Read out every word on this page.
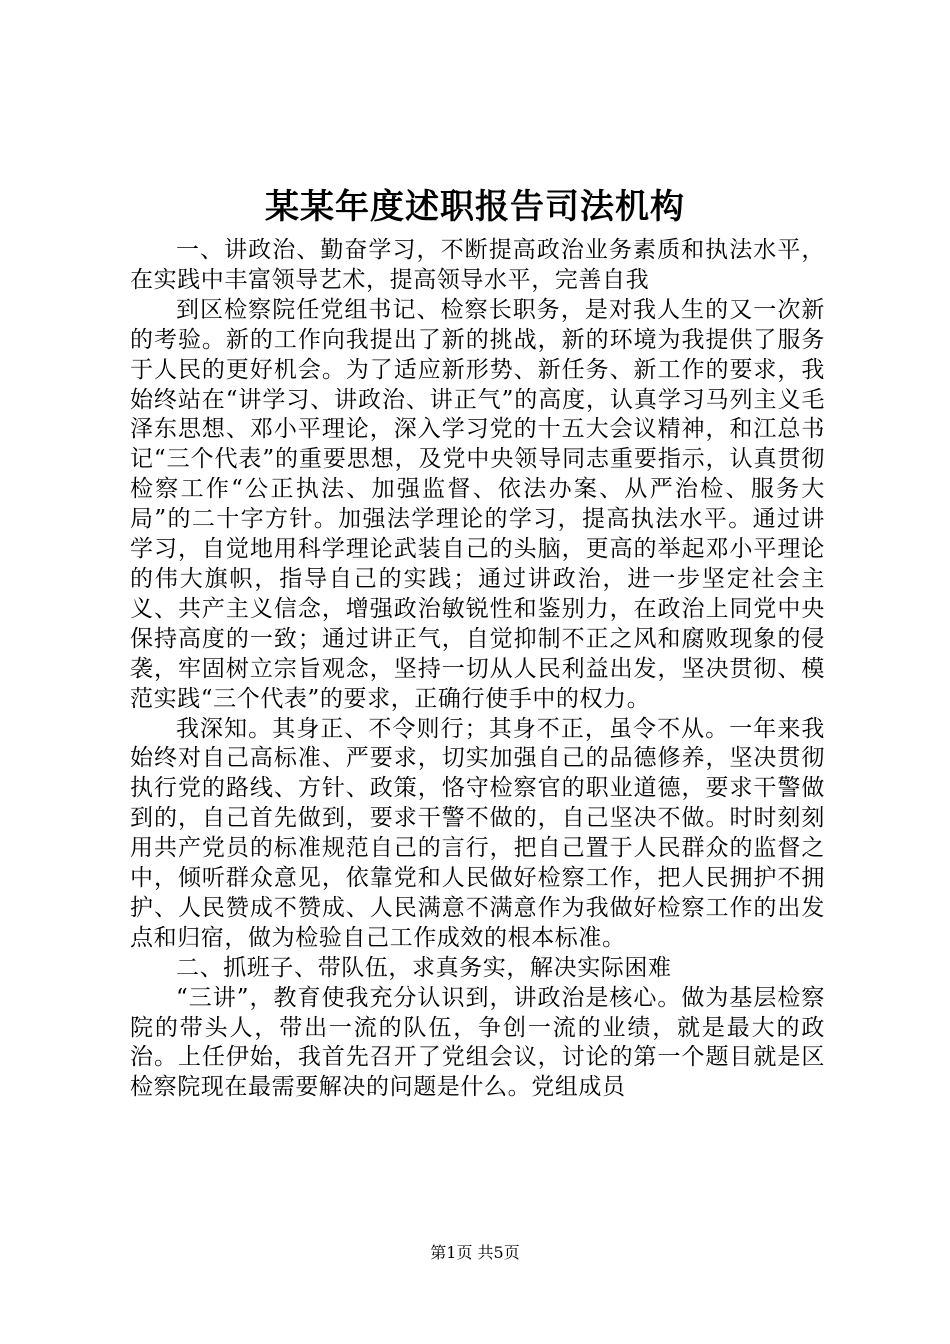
某某年度述职报告司法机构

一、讲政治、勤奋学习，不断提高政治业务素质和执法水平，在实践中丰富领导艺术，提高领导水平，完善自我

到区检察院任党组书记、检察长职务，是对我人生的又一次新的考验。新的工作向我提出了新的挑战，新的环境为我提供了服务于人民的更好机会。为了适应新形势、新任务、新工作的要求，我始终站在“讲学习、讲政治、讲正气”的高度，认真学习马列主义毛泽东思想、邓小平理论，深入学习党的十五大会议精神，和江总书记“三个代表”的重要思想，及党中央领导同志重要指示，认真贯彻检察工作“公正执法、加强监督、依法办案、从严治检、服务大局”的二十字方针。加强法学理论的学习，提高执法水平。通过讲学习，自觉地用科学理论武装自己的头脑，更高的举起邓小平理论的伟大旗帜，指导自己的实践；通过讲政治，进一步坚定社会主义、共产主义信念，增强政治敏锐性和鉴别力，在政治上同党中央保持高度的一致；通过讲正气，自觉抑制不正之风和腐败现象的侵袭，牢固树立宗旨观念，坚持一切从人民利益出发，坚决贯彻、模范实践“三个代表”的要求，正确行使手中的权力。

我深知。其身正、不令则行；其身不正，虽令不从。一年来我始终对自己高标准、严要求，切实加强自己的品德修养，坚决贯彻执行党的路线、方针、政策，恪守检察官的职业道德，要求干警做到的，自己首先做到，要求干警不做的，自己坚决不做。时时刻刻用共产党员的标准规范自己的言行，把自己置于人民群众的监督之中，倾听群众意见，依靠党和人民做好检察工作，把人民拥护不拥护、人民赞成不赞成、人民满意不满意作为我做好检察工作的出发点和归宿，做为检验自己工作成效的根本标准。

二、抓班子、带队伍，求真务实，解决实际困难

“三讲”，教育使我充分认识到，讲政治是核心。做为基层检察院的带头人，带出一流的队伍，争创一流的业绩，就是最大的政治。上任伊始，我首先召开了党组会议，讨论的第一个题目就是区检察院现在最需要解决的问题是什么。党组成员

第1页 共5页
